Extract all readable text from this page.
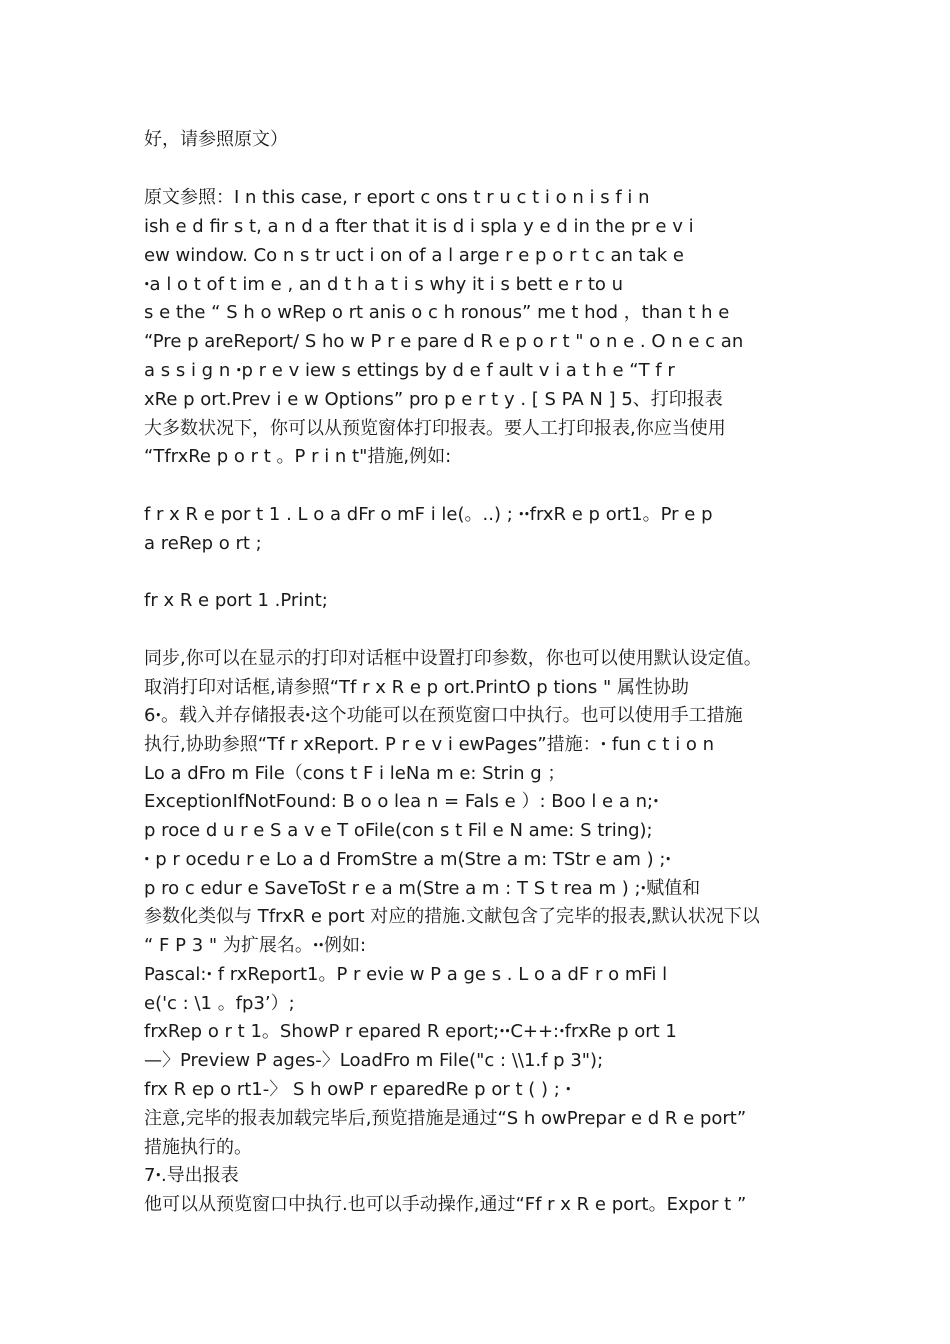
好，请参照原文）
原文参照：I n this case, r eport c ons t r u c t i o n i s f i n
ish e d fir s t, a n d a fter that it is d i spla y e d in the pr e v i
ew window. Co n s tr uct i on of a l arge r e p o r t c an tak e
ꞏa l o t of t im e , an d t h a t i s why it i s bett e r to u
s e the “ S h o wRep o rt anis o c h ronous” me t hod ，than t h e
“Pre p areReport/ S ho w P r e pare d R e p o r t " o n e . O n e c an
a s s i g n ꞏp r e v iew s ettings by d e f ault v i a t h e “T f r
xRe p ort.Prev i e w Options” pro p e r t y . [ S PA N ] 5、打印报表
大多数状况下，你可以从预览窗体打印报表。要人工打印报表,你应当使用
“TfrxRe p o r t 。P r i n t"措施,例如:
f r x R e por t 1 . L o a dFr o mF i le(。..) ; ꞏꞏfrxR e p ort1。Pr e p
a reRep o rt ;
fr x R e port 1 .Print;
同步,你可以在显示的打印对话框中设置打印参数，你也可以使用默认设定值。
取消打印对话框,请参照“Tf r x R e p ort.PrintO p tions " 属性协助
6ꞏ。载入并存储报表ꞏ这个功能可以在预览窗口中执行。也可以使用手工措施
执行,协助参照“Tf r xReport. P r e v i ewPages”措施：ꞏ fun c t i o n
Lo a dFro m File（cons t F i leNa m e: Strin g ；
ExceptionIfNotFound: B o o lea n = Fals e ）: Boo l e a n;ꞏ
p roce d u r e S a v e T oFile(con s t Fil e N ame: S tring);
ꞏ p r ocedu r e Lo a d FromStre a m(Stre a m: TStr e am ) ;ꞏ
p ro c edur e SaveToSt r e a m(Stre a m : T S t rea m ) ;ꞏ赋值和
参数化类似与 TfrxR e port 对应的措施.文献包含了完毕的报表,默认状况下以
“ F P 3 " 为扩展名。ꞏꞏ例如:
Pascal:ꞏ f rxReport1。P r evie w P a ge s . L o a dF r o mFi l
e('c : \1 。fp3’）;
frxRep o r t 1。ShowP r epared R eport;ꞏꞏC++:ꞏfrxRe p ort 1
—〉Preview P ages-〉LoadFro m File("c : \\1.f p 3");
frx R ep o rt1-〉 S h owP r eparedRe p or t ( ) ; ꞏ
注意,完毕的报表加载完毕后,预览措施是通过“S h owPrepar e d R e port”
措施执行的。
7ꞏ.导出报表
他可以从预览窗口中执行.也可以手动操作,通过“Ff r x R e port。Expor t ”
